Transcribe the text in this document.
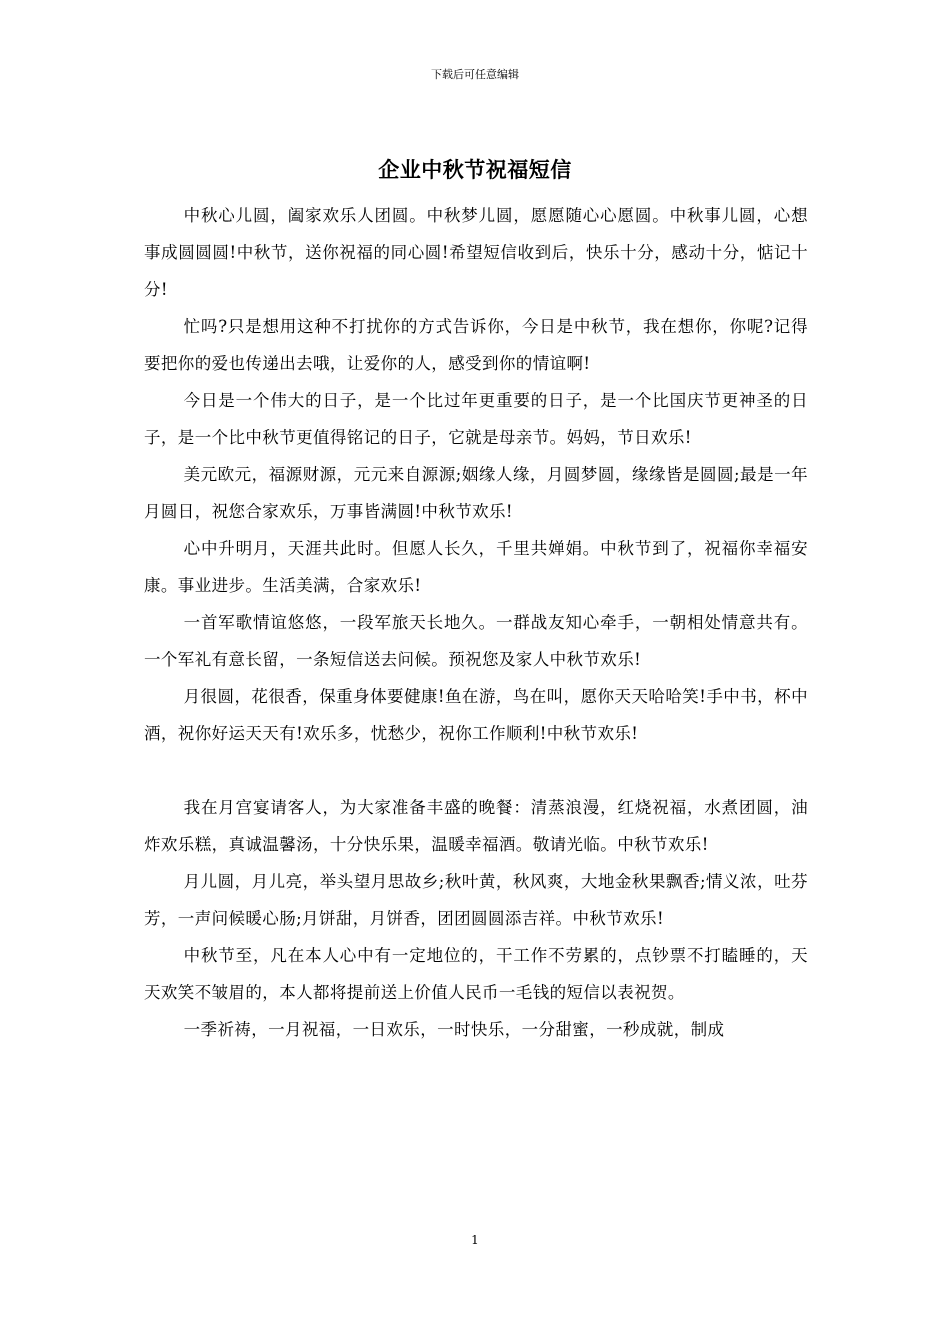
下载后可任意编辑
企业中秋节祝福短信

中秋心儿圆，阖家欢乐人团圆。中秋梦儿圆，愿愿随心心愿圆。中秋事儿圆，心想事成圆圆圆!中秋节，送你祝福的同心圆!希望短信收到后，快乐十分，感动十分，惦记十分!

忙吗?只是想用这种不打扰你的方式告诉你，今日是中秋节，我在想你，你呢?记得要把你的爱也传递出去哦，让爱你的人，感受到你的情谊啊!

今日是一个伟大的日子，是一个比过年更重要的日子，是一个比国庆节更神圣的日子，是一个比中秋节更值得铭记的日子，它就是母亲节。妈妈，节日欢乐!

美元欧元，福源财源，元元来自源源;姻缘人缘，月圆梦圆，缘缘皆是圆圆;最是一年月圆日，祝您合家欢乐，万事皆满圆!中秋节欢乐!

心中升明月，天涯共此时。但愿人长久，千里共婵娟。中秋节到了，祝福你幸福安康。事业进步。生活美满，合家欢乐!

一首军歌情谊悠悠，一段军旅天长地久。一群战友知心牵手，一朝相处情意共有。一个军礼有意长留，一条短信送去问候。预祝您及家人中秋节欢乐!

月很圆，花很香，保重身体要健康!鱼在游，鸟在叫，愿你天天哈哈笑!手中书，杯中酒，祝你好运天天有!欢乐多，忧愁少，祝你工作顺利!中秋节欢乐!

我在月宫宴请客人，为大家准备丰盛的晚餐：清蒸浪漫，红烧祝福，水煮团圆，油炸欢乐糕，真诚温馨汤，十分快乐果，温暖幸福酒。敬请光临。中秋节欢乐!

月儿圆，月儿亮，举头望月思故乡;秋叶黄，秋风爽，大地金秋果飘香;情义浓，吐芬芳，一声问候暖心肠;月饼甜，月饼香，团团圆圆添吉祥。中秋节欢乐!

中秋节至，凡在本人心中有一定地位的，干工作不劳累的，点钞票不打瞌睡的，天天欢笑不皱眉的，本人都将提前送上价值人民币一毛钱的短信以表祝贺。

一季祈祷，一月祝福，一日欢乐，一时快乐，一分甜蜜，一秒成就，制成

1
